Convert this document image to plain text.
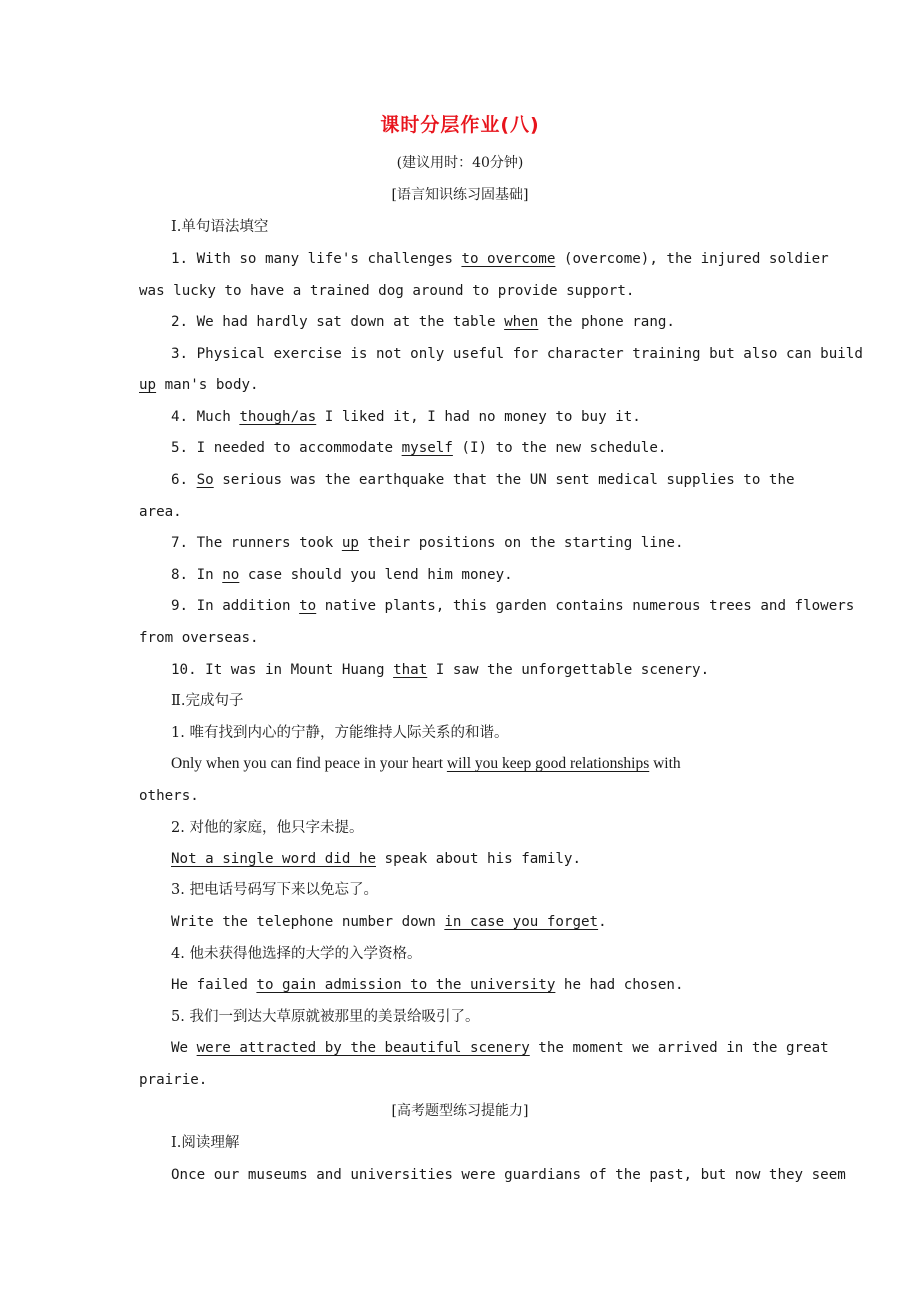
课时分层作业(八)
(建议用时：40分钟)
[语言知识练习固基础]
Ⅰ.单句语法填空
1. With so many life's challenges to overcome (overcome), the injured soldier
was lucky to have a trained dog around to provide support.
2. We had hardly sat down at the table when the phone rang.
3. Physical exercise is not only useful for character training but also can build
up man's body.
4. Much though/as I liked it, I had no money to buy it.
5. I needed to accommodate myself (I) to the new schedule.
6. So serious was the earthquake that the UN sent medical supplies to the
area.
7. The runners took up their positions on the starting line.
8. In no case should you lend him money.
9. In addition to native plants, this garden contains numerous trees and flowers
from overseas.
10. It was in Mount Huang that I saw the unforgettable scenery.
Ⅱ.完成句子
1. 唯有找到内心的宁静，方能维持人际关系的和谐。
Only when you can find peace in your heart will you keep good relationships with
others.
2. 对他的家庭，他只字未提。
Not a single word did he speak about his family.
3. 把电话号码写下来以免忘了。
Write the telephone number down in case you forget.
4. 他未获得他选择的大学的入学资格。
He failed to gain admission to the university he had chosen.
5. 我们一到达大草原就被那里的美景给吸引了。
We were attracted by the beautiful scenery the moment we arrived in the great
prairie.
[高考题型练习提能力]
Ⅰ.阅读理解
Once our museums and universities were guardians of the past, but now they seem
